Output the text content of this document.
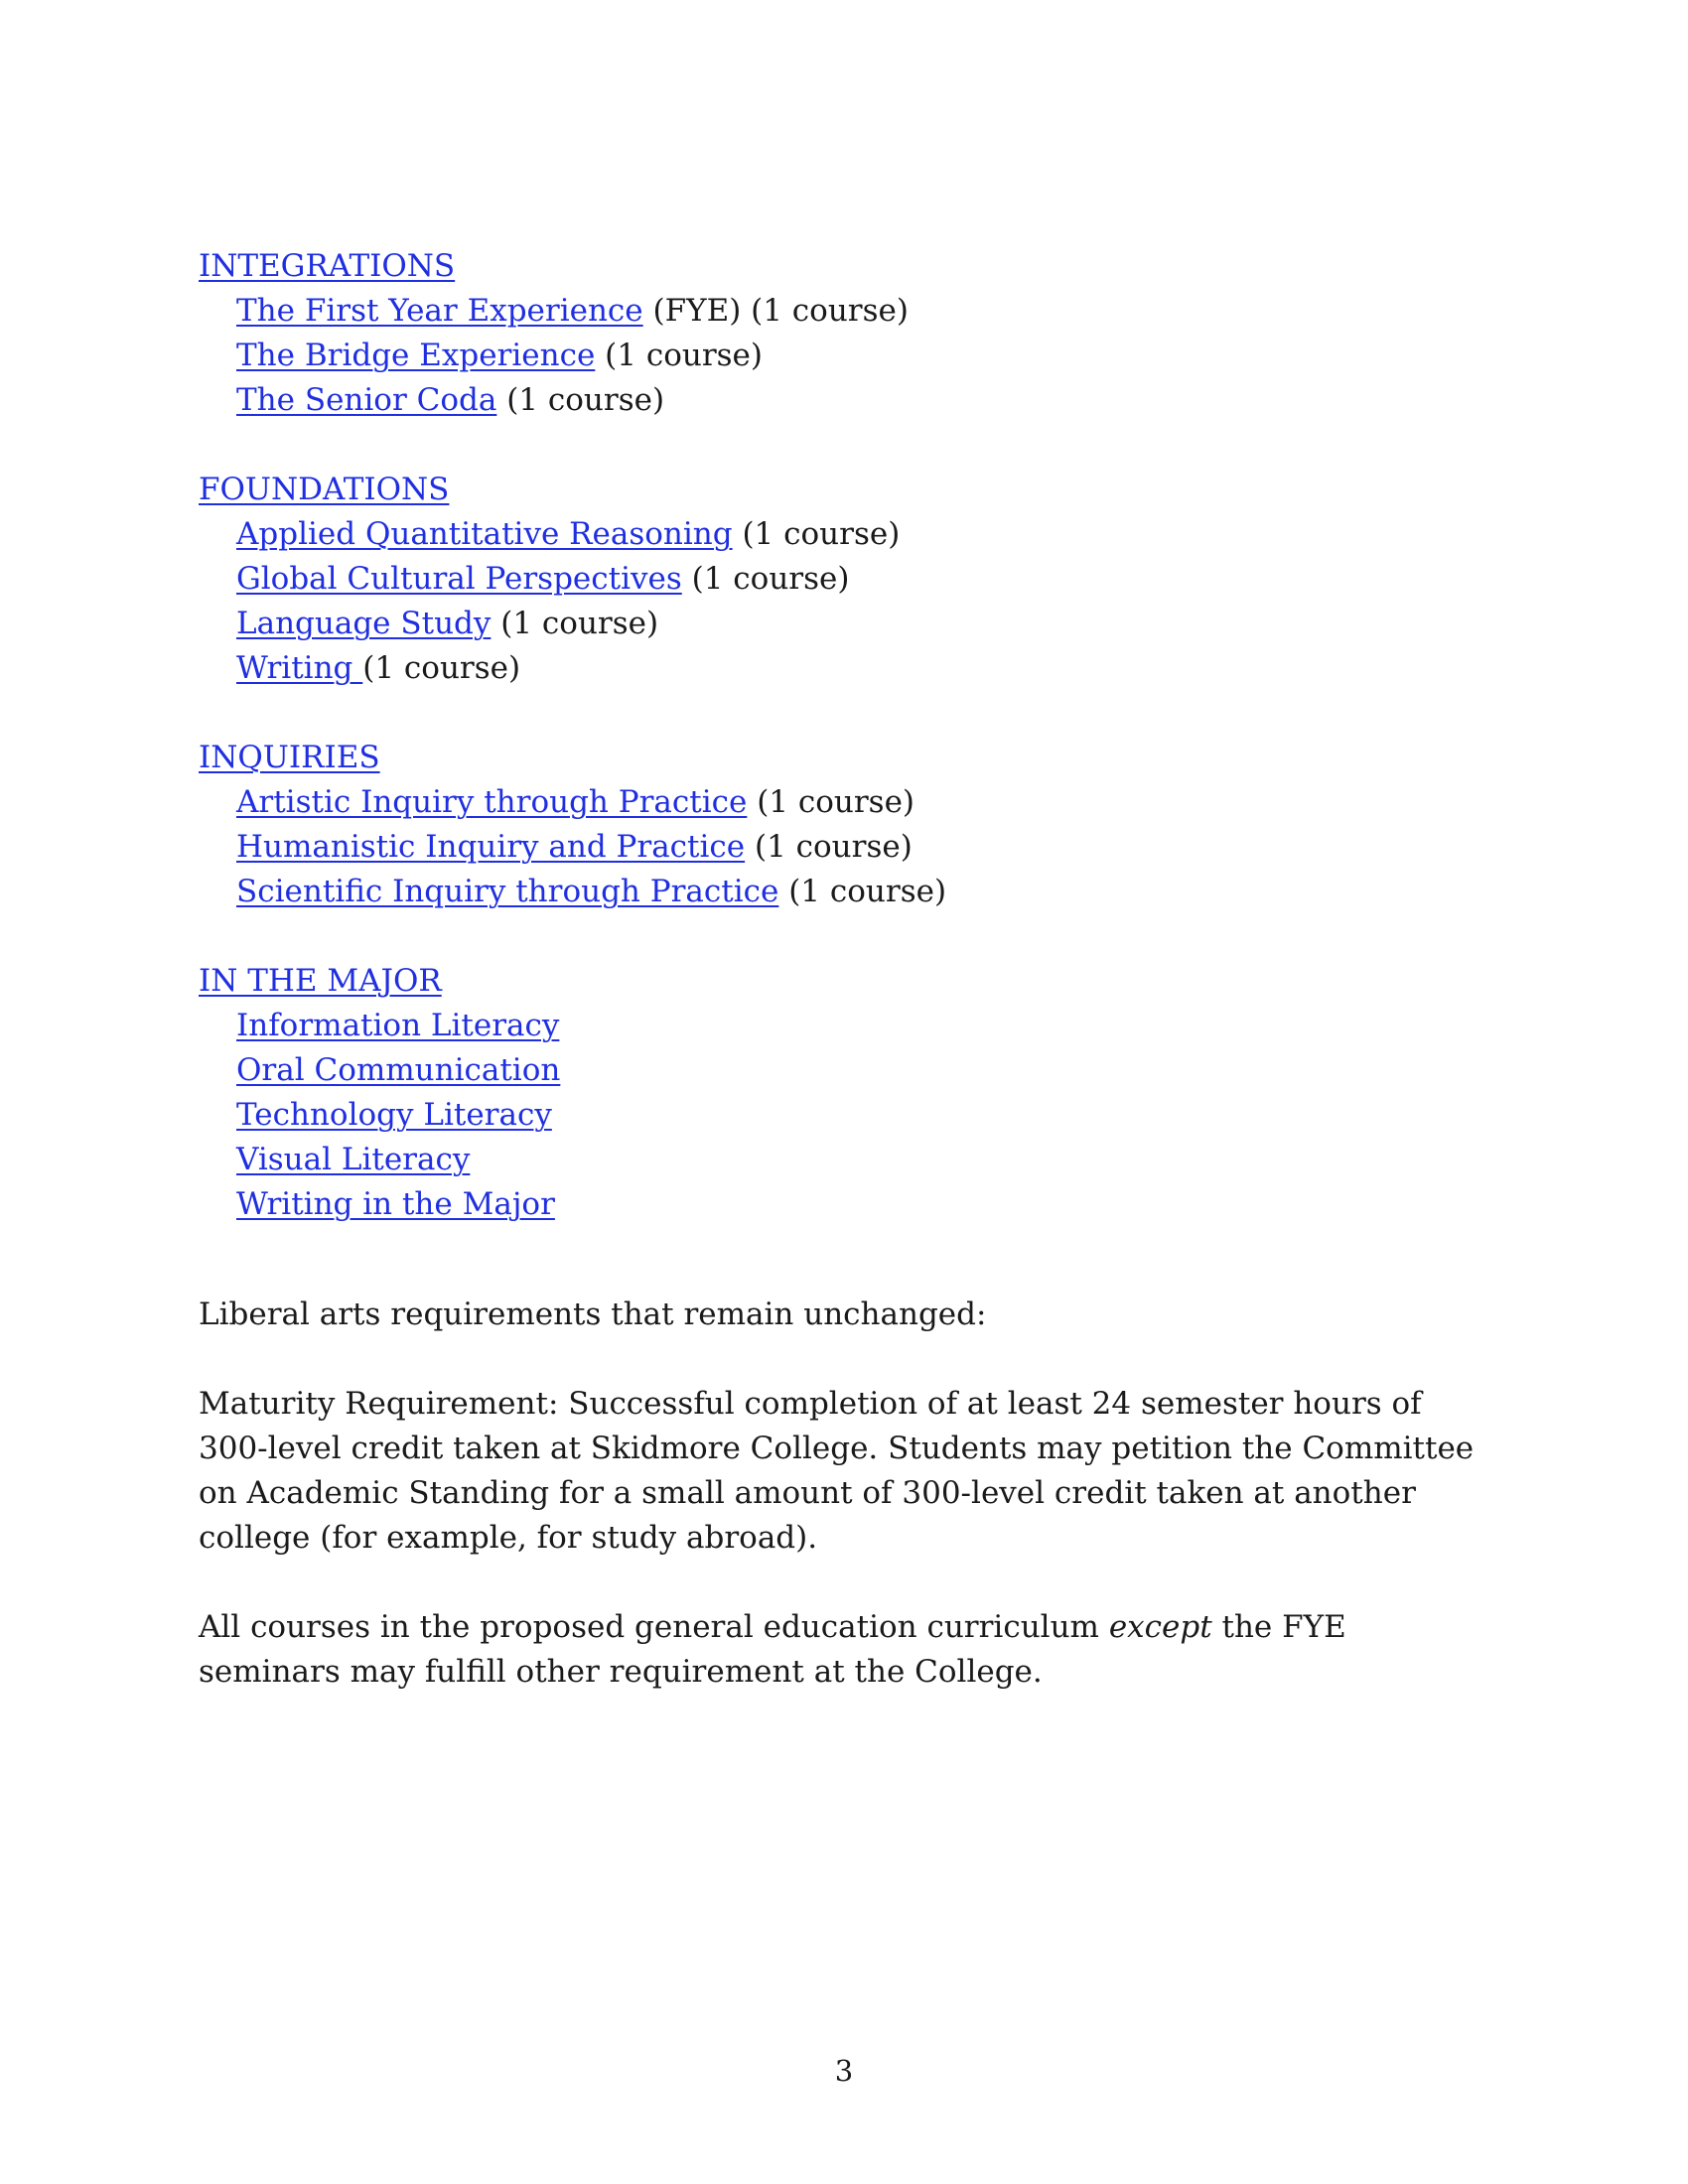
INTEGRATIONS
The First Year Experience (FYE) (1 course)
The Bridge Experience (1 course)
The Senior Coda (1 course)
FOUNDATIONS
Applied Quantitative Reasoning (1 course)
Global Cultural Perspectives (1 course)
Language Study (1 course)
Writing (1 course)
INQUIRIES
Artistic Inquiry through Practice (1 course)
Humanistic Inquiry and Practice (1 course)
Scientific Inquiry through Practice (1 course)
IN THE MAJOR
Information Literacy
Oral Communication
Technology Literacy
Visual Literacy
Writing in the Major

Liberal arts requirements that remain unchanged:

Maturity Requirement: Successful completion of at least 24 semester hours of 300-level credit taken at Skidmore College. Students may petition the Committee on Academic Standing for a small amount of 300-level credit taken at another college (for example, for study abroad).

All courses in the proposed general education curriculum except the FYE seminars may fulfill other requirement at the College.

3
